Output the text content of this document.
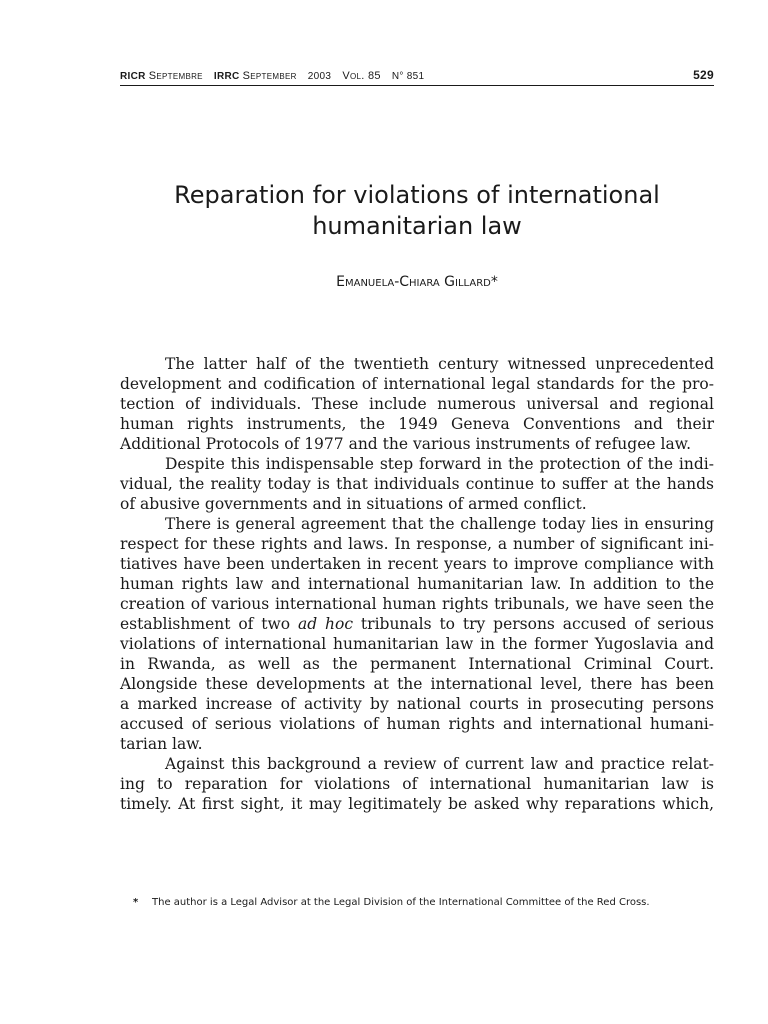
RICR Septembre IRRC September 2003 Vol. 85 N° 851	529
Reparation for violations of international
humanitarian law
Emanuela-Chiara Gillard*
The latter half of the twentieth century witnessed unprecedented
development and codification of international legal standards for the pro-
tection of individuals. These include numerous universal and regional
human rights instruments, the 1949 Geneva Conventions and their
Additional Protocols of 1977 and the various instruments of refugee law.
Despite this indispensable step forward in the protection of the indi-
vidual, the reality today is that individuals continue to suffer at the hands
of abusive governments and in situations of armed conflict.
There is general agreement that the challenge today lies in ensuring
respect for these rights and laws. In response, a number of significant ini-
tiatives have been undertaken in recent years to improve compliance with
human rights law and international humanitarian law. In addition to the
creation of various international human rights tribunals, we have seen the
establishment of two ad hoc tribunals to try persons accused of serious
violations of international humanitarian law in the former Yugoslavia and
in Rwanda, as well as the permanent International Criminal Court.
Alongside these developments at the international level, there has been
a marked increase of activity by national courts in prosecuting persons
accused of serious violations of human rights and international humani-
tarian law.
Against this background a review of current law and practice relat-
ing to reparation for violations of international humanitarian law is
timely. At first sight, it may legitimately be asked why reparations which,
* The author is a Legal Advisor at the Legal Division of the International Committee of the Red Cross.
